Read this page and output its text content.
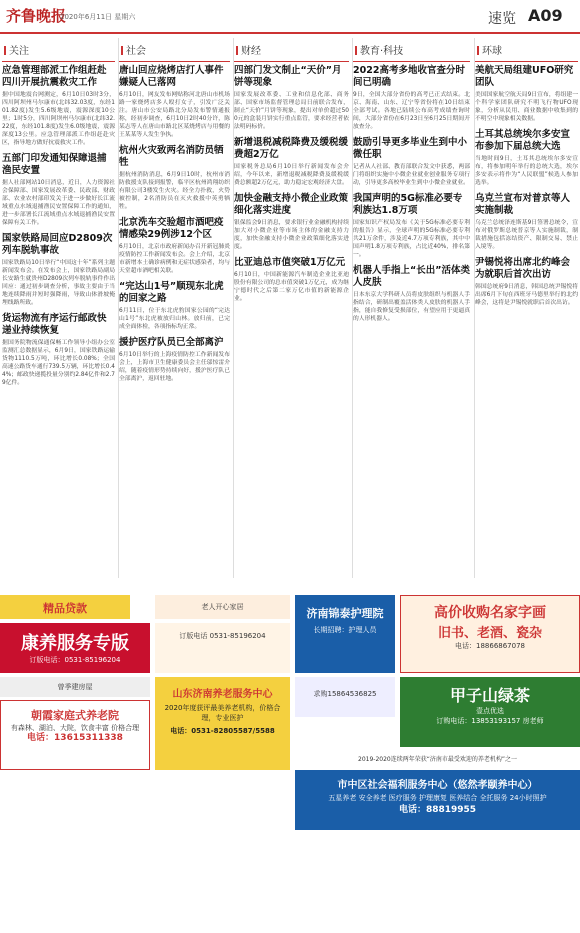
齐鲁晚报
2020年6月11日 星期六	速览 A09
关注
应急管理部派工作组赶赴四川开展抗震救灾工作
据中国地震台网测定，6月10日03时3分，四川阿坝州马尔康市(北纬32.03度，东经101.82度)发生5.6级地震，震源深度10公里；1时5分，四川阿坝州马尔康市(北纬32.22度，东经101.8度)发生6.0级地震，震源深度13公里。应急管理部派工作组赶赴灾区，指导地方做好抗震救灾工作。
五部门印发通知保障退捕渔民安置
据人社部网站10日消息，近日，人力资源社会保障部、国家发展改革委、民政部、财政部、农业农村部印发关于进一步做好长江流域重点水域退捕渔民安置保障工作的通知，进一步部署长江流域重点水域退捕渔民安置保障有关工作。
国家铁路局回应D2809次列车脱轨事故
国家铁路局10日举行“中国这十年”系列主题新闻发布会。在发布会上，国家铁路局副局长安路生就贵州D2809次列车脱轨事件作出回应：通过初步调查分析，事故主要由于当地连续降雨并短时强降雨，导致山体滑坡掩埋线路所致。
货运物流有序运行邮政快递业持续恢复
据国务院物流保通保畅工作领导小组办公室监测汇总数据显示，6月9日，国家铁路运输货物1110.5万吨，环比增长0.08%；全国高速公路货车通行739.5万辆，环比增长0.44%；邮政快递揽投量分别约2.84亿件和2.79亿件。
社会
唐山回应烧烤店打人事件嫌疑人已落网
6月10日，网友发布网贴称河北唐山市机场路一家烧烤店多人殴打女子，引发广泛关注。唐山市公安局路北分局发布警情通报称，经初步调查，6月10日2时40分许，陈某志等人在唐山市路北区某烧烤店与用餐的王某某等人发生争执。
杭州火灾致两名消防员牺牲
据杭州消防消息，6月9日10时，杭州市消防救援支队接到报警，临平区杭州鸿翔纺织有限公司3楼发生火灾。经全力扑救，火势被控制，2名消防员在灭火救援中英勇牺牲。
北京洗车交验超市酒吧疫情感染29例涉12个区
6月10日，北京市政府新闻办召开新冠肺炎疫情防控工作新闻发布会。会上介绍，北京市新增本土确诊病例和无症状感染者，均与天堂超市酒吧相关联。
“完达山1号”顺现东北虎的回家之路
6月11日，位于东北虎豹国家公园的“完达山1号”东北虎被放归山林。放归前，已完成全面体检，各项指标均正常。
援护医疗队员已全部离沪
6月10日举行的上海疫情防控工作新闻发布会上，上海市卫生健康委员会主任邬惊雷介绍，随着疫情形势持续向好，援沪医疗队已全部离沪，返回驻地。
财经
四部门发文制止“天价”月饼等现象
国家发展改革委、工业和信息化部、商务部、国家市场监督管理总局日前联合发布，制止“天价”月饼等现象，提出对单价超过500元的盒装月饼实行重点监管，要求经营者依法明码标价。
新增退税减税降费及缓税缓费超2万亿
国家税务总局6月10日举行新闻发布会介绍，今年以来，新增退税减税降费及缓税缓费总额超2万亿元，助力稳定宏观经济大盘。
加快金融支持小微企业政策细化落实进度
银保监会9日消息，要求银行业金融机构持续加大对小微企业等市场主体的金融支持力度，加快金融支持小微企业政策细化落实进度。
比亚迪总市值突破1万亿元
6月10日，中国新能源汽车制造企业比亚迪股份有限公司的总市值突破1万亿元，成为继宁德时代之后第二家万亿市值的新能源企业。
教育·科技
2022高考多地收官查分时间已明确
9日，全国大部分省份的高考已正式结束。北京、海南、山东、辽宁等省份将在10日结束全部考试。各地已陆续公布高考成绩查询时间，大部分省份在6月23日至6月25日期间开放查分。
鼓励引导更多毕业生到中小微任职
记者从人社部、教育部联合发文中获悉，两部门将组织实施中小微企业就业创业服务专项行动，引导更多高校毕业生到中小微企业就业。
我国声明的5G标准必要专利族达1.8万项
国家知识产权局发布《关于5G标准必要专利的报告》显示，全球声明的5G标准必要专利共21万余件，涉及近4.7万项专利族，其中中国声明1.8万项专利族，占比近40%，排名第一。
机器人手指上“长出”活体类人皮肤
日本东京大学科研人员将皮肤组织与机器人手指结合，研制出覆盖活体类人皮肤的机器人手指，能自我修复受损部位，有望应用于更逼真的人形机器人。
环球
美航天局组建UFO研究团队
美国国家航空航天局9日宣布，将组建一个科学家团队研究不明飞行物UFO现象，分析从民用、商业数据中收集到的不明空中现象相关数据。
土耳其总统埃尔多安宣布参加下届总统大选
当地时间9日，土耳其总统埃尔多安宣布，将参加明年举行的总统大选，埃尔多安表示将作为“人民联盟”候选人参加选举。
乌克兰宣布对普京等人实施制裁
乌克兰总统泽连斯基9日签署总统令，宣布对俄罗斯总统普京等人实施制裁，制裁措施包括冻结资产、限制交易、禁止入境等。
尹锡悦将出席北约峰会为就职后首次出访
韩国总统府9日消息，韩国总统尹锡悦将出席6月下旬在西班牙马德里举行的北约峰会，这将是尹锡悦就职后首次出访。
精品贷款
康养服务专版
订版电话：0531-85196204
曾季建房屋
朝霞家庭式养老院
有森林、湖泊、大院，饮食丰富 价格合理
电话：13615311338
老人开心家居
订版电话 0531-85196204
山东济南养老服务中心
2020年度获评最美养老机构，价格合理，专业医护
电话：0531-82805587/5588
济南锦泰护理院
长期招聘：护理人员
求购15864536825
高价收购名家字画
旧书、老酒、瓷杂
电话：18866867078
甲子山绿茶
壹点优选
订购电话：13853193157 房老师
2019-2020连续两年荣获“济南市最受欢迎的养老机构”之一
市中区社会福利服务中心（悠然孝颐养中心）
五星养老 安全养老 医疗服务 护理康复 医养结合 全托服务 24小时照护
电话：88819955
